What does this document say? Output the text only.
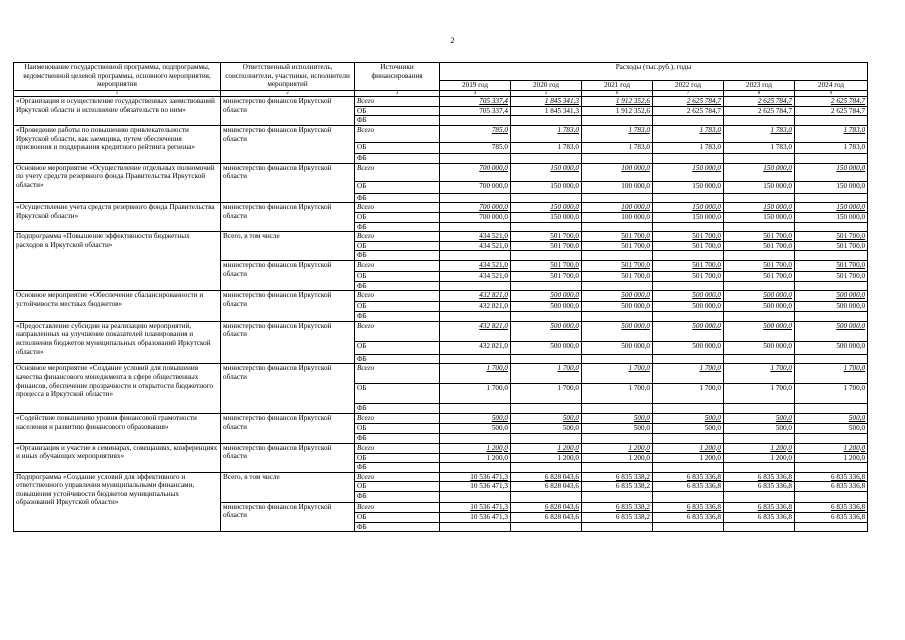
2
Наименование государственной программы, подпрограммы, ведомственной целевой программы, основного мероприятия, мероприятия	Ответственный исполнитель, соисполнители, участники, исполнители мероприятий	Источники финансирования	Расходы (тыс.руб.), годы					
			2019 год	2020 год	2021 год	2022 год	2023 год	2024 год
1	2	3	4	5	6	7	8	9
«Организация и осуществление государственных заимствований Иркутской области и исполнение обязательств по ним»	министерство финансов Иркутской области	Всего	705 337,4	1 845 341,3	1 912 352,6	2 625 784,7	2 625 784,7	2 625 784,7
		ОБ	705 337,4	1 845 341,3	1 912 352,6	2 625 784,7	2 625 784,7	2 625 784,7
		ФБ						
«Проведение работы по повышению привлекательности Иркутской области, как заемщика, путем обеспечения присвоения и поддержания кредитного рейтинга региона»	министерство финансов Иркутской области	Всего	785,0	1 783,0	1 783,0	1 783,0	1 783,0	1 783,0
		ОБ	785,0	1 783,0	1 783,0	1 783,0	1 783,0	1 783,0
		ФБ						
Основное мероприятие «Осуществление отдельных полномочий по учету средств резервного фонда Правительства Иркутской области»	министерство финансов Иркутской области	Всего	700 000,0	150 000,0	100 000,0	150 000,0	150 000,0	150 000,0
		ОБ	700 000,0	150 000,0	100 000,0	150 000,0	150 000,0	150 000,0
		ФБ						
«Осуществление учета средств резервного фонда Правительства Иркутской области»	министерство финансов Иркутской области	Всего	700 000,0	150 000,0	100 000,0	150 000,0	150 000,0	150 000,0
		ОБ	700 000,0	150 000,0	100 000,0	150 000,0	150 000,0	150 000,0
		ФБ						
Подпрограмма «Повышение эффективности бюджетных расходов в Иркутской области»	Всего, в том числе	Всего	434 521,0	501 700,0	501 700,0	501 700,0	501 700,0	501 700,0
		ОБ	434 521,0	501 700,0	501 700,0	501 700,0	501 700,0	501 700,0
		ФБ						
	министерство финансов Иркутской области	Всего	434 521,0	501 700,0	501 700,0	501 700,0	501 700,0	501 700,0
		ОБ	434 521,0	501 700,0	501 700,0	501 700,0	501 700,0	501 700,0
		ФБ						
Основное мероприятие «Обеспечение сбалансированности и устойчивости местных бюджетов»	министерство финансов Иркутской области	Всего	432 821,0	500 000,0	500 000,0	500 000,0	500 000,0	500 000,0
		ОБ	432 821,0	500 000,0	500 000,0	500 000,0	500 000,0	500 000,0
		ФБ						
«Предоставление субсидии на реализацию мероприятий, направленных на улучшение показателей планирования и исполнения бюджетов муниципальных образований Иркутской области»	министерство финансов Иркутской области	Всего	432 821,0	500 000,0	500 000,0	500 000,0	500 000,0	500 000,0
		ОБ	432 821,0	500 000,0	500 000,0	500 000,0	500 000,0	500 000,0
		ФБ						
Основное мероприятие «Создание условий для повышения качества финансового менеджмента в сфере общественных финансов, обеспечение прозрачности и открытости бюджетного процесса в Иркутской области»	министерство финансов Иркутской области	Всего	1 700,0	1 700,0	1 700,0	1 700,0	1 700,0	1 700,0
		ОБ	1 700,0	1 700,0	1 700,0	1 700,0	1 700,0	1 700,0
		ФБ						
«Содействие повышению уровня финансовой грамотности населения и развитию финансового образования»	министерство финансов Иркутской области	Всего	500,0	500,0	500,0	500,0	500,0	500,0
		ОБ	500,0	500,0	500,0	500,0	500,0	500,0
		ФБ						
«Организация и участие в семинарах, совещаниях, конференциях и иных обучающих мероприятиях»	министерство финансов Иркутской области	Всего	1 200,0	1 200,0	1 200,0	1 200,0	1 200,0	1 200,0
		ОБ	1 200,0	1 200,0	1 200,0	1 200,0	1 200,0	1 200,0
		ФБ						
Подпрограмма «Создание условий для эффективного и ответственного управления муниципальными финансами, повышения устойчивости бюджетов муниципальных образований Иркутской области»	Всего, в том числе	Всего	10 536 471,3	6 828 043,6	6 835 338,2	6 835 336,8	6 835 336,8	6 835 336,8
		ОБ	10 536 471,3	6 828 043,6	6 835 338,2	6 835 336,8	6 835 336,8	6 835 336,8
		ФБ						
	министерство финансов Иркутской области	Всего	10 536 471,3	6 828 043,6	6 835 338,2	6 835 336,8	6 835 336,8	6 835 336,8
		ОБ	10 536 471,3	6 828 043,6	6 835 338,2	6 835 336,8	6 835 336,8	6 835 336,8
		ФБ						
